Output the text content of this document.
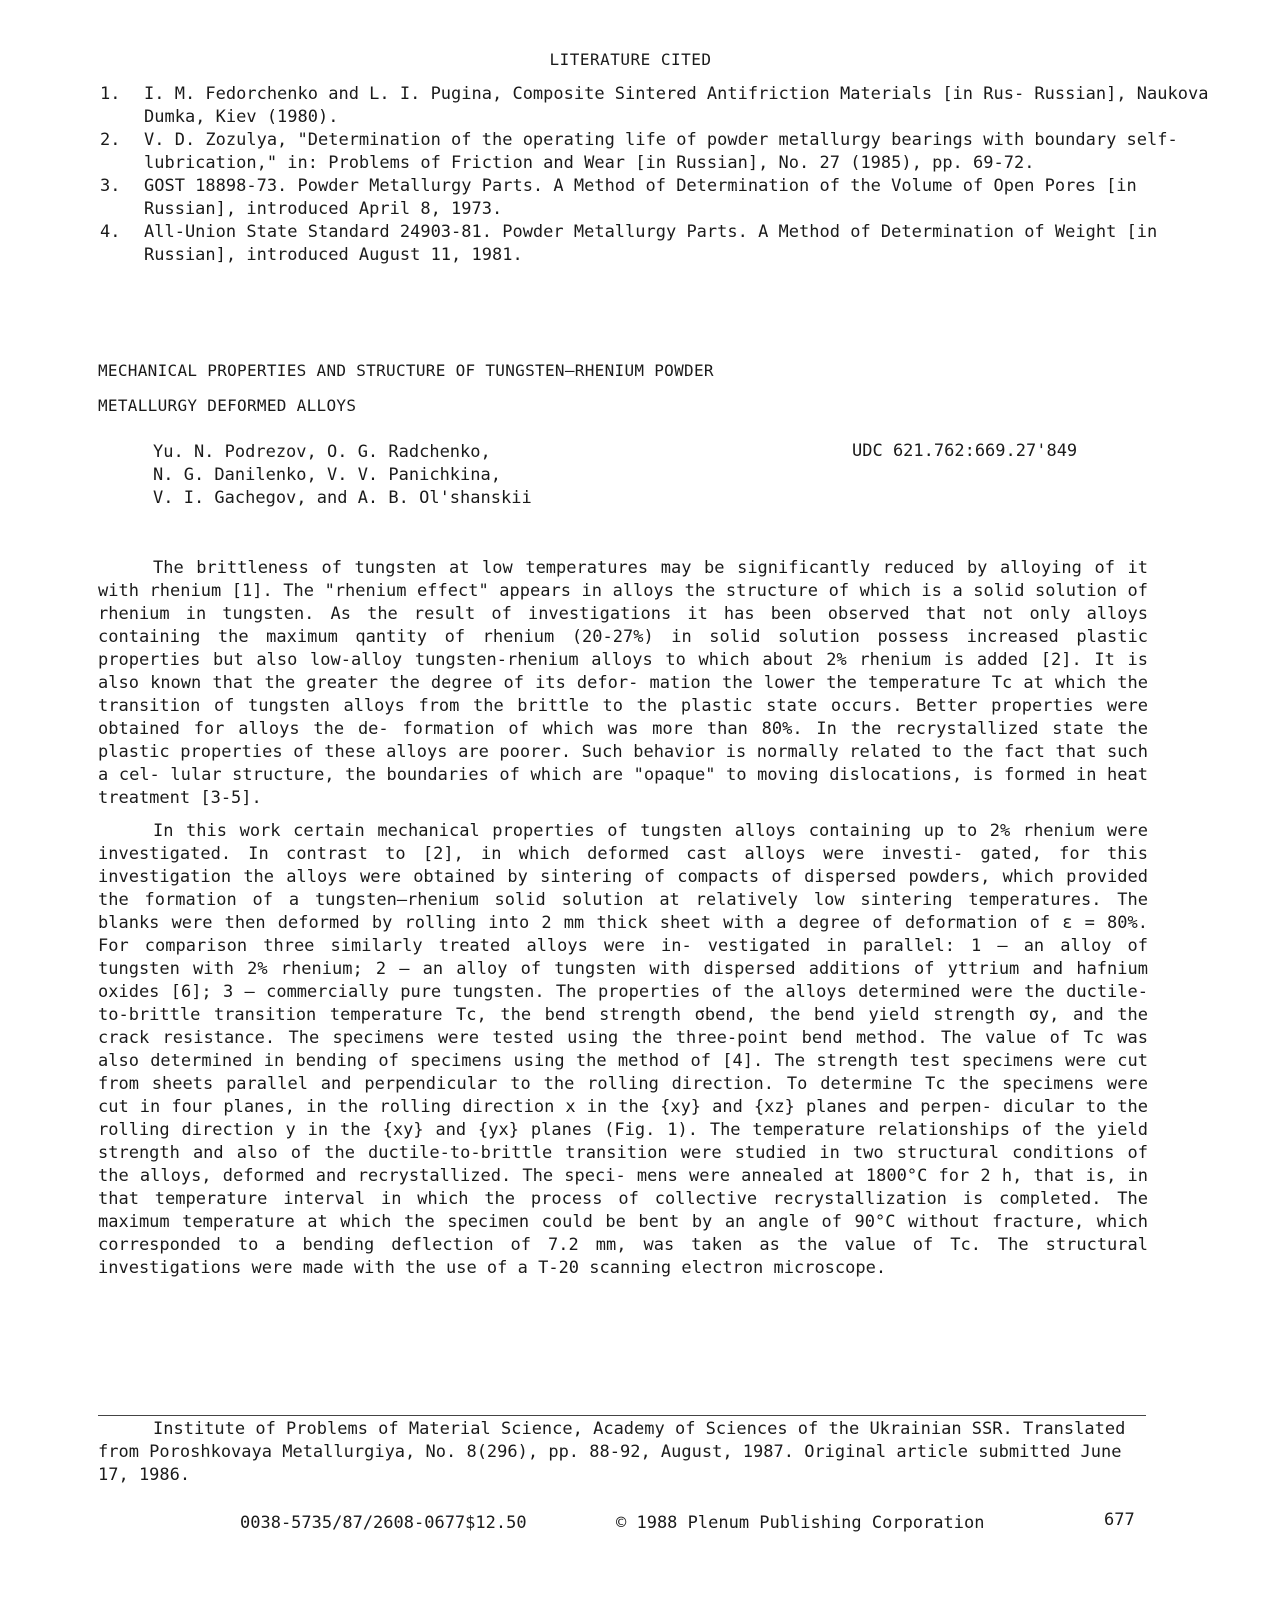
LITERATURE CITED

1.	I. M. Fedorchenko and L. I. Pugina, Composite Sintered Antifriction Materials [in Rus- Russian], Naukova Dumka, Kiev (1980).

2.	V. D. Zozulya, "Determination of the operating life of powder metallurgy bearings with boundary self-lubrication," in: Problems of Friction and Wear [in Russian], No. 27 (1985), pp. 69-72.

3.	GOST 18898-73. Powder Metallurgy Parts. A Method of Determination of the Volume of Open Pores [in Russian], introduced April 8, 1973.

4.	All-Union State Standard 24903-81. Powder Metallurgy Parts. A Method of Determination of Weight [in Russian], introduced August 11, 1981.

MECHANICAL PROPERTIES AND STRUCTURE OF TUNGSTEN—RHENIUM POWDER
METALLURGY DEFORMED ALLOYS
Yu. N. Podrezov, O. G. Radchenko,
N. G. Danilenko, V. V. Panichkina,
V. I. Gachegov, and A. B. Ol'shanskii
UDC 621.762:669.27'849

The brittleness of tungsten at low temperatures may be significantly reduced by alloying of it with rhenium [1]. The "rhenium effect" appears in alloys the structure of which is a solid solution of rhenium in tungsten. As the result of investigations it has been observed that not only alloys containing the maximum qantity of rhenium (20-27%) in solid solution possess increased plastic properties but also low-alloy tungsten-rhenium alloys to which about 2% rhenium is added [2]. It is also known that the greater the degree of its defor- mation the lower the temperature Tc at which the transition of tungsten alloys from the brittle to the plastic state occurs. Better properties were obtained for alloys the de- formation of which was more than 80%. In the recrystallized state the plastic properties of these alloys are poorer. Such behavior is normally related to the fact that such a cel- lular structure, the boundaries of which are "opaque" to moving dislocations, is formed in heat treatment [3-5].

In this work certain mechanical properties of tungsten alloys containing up to 2% rhenium were investigated. In contrast to [2], in which deformed cast alloys were investi- gated, for this investigation the alloys were obtained by sintering of compacts of dispersed powders, which provided the formation of a tungsten—rhenium solid solution at relatively low sintering temperatures. The blanks were then deformed by rolling into 2 mm thick sheet with a degree of deformation of ε = 80%. For comparison three similarly treated alloys were in- vestigated in parallel: 1 — an alloy of tungsten with 2% rhenium; 2 — an alloy of tungsten with dispersed additions of yttrium and hafnium oxides [6]; 3 — commercially pure tungsten. The properties of the alloys determined were the ductile-to-brittle transition temperature Tc, the bend strength σbend, the bend yield strength σy, and the crack resistance. The specimens were tested using the three-point bend method. The value of Tc was also determined in bending of specimens using the method of [4]. The strength test specimens were cut from sheets parallel and perpendicular to the rolling direction. To determine Tc the specimens were cut in four planes, in the rolling direction x in the {xy} and {xz} planes and perpen- dicular to the rolling direction y in the {xy} and {yx} planes (Fig. 1). The temperature relationships of the yield strength and also of the ductile-to-brittle transition were studied in two structural conditions of the alloys, deformed and recrystallized. The speci- mens were annealed at 1800°C for 2 h, that is, in that temperature interval in which the process of collective recrystallization is completed. The maximum temperature at which the specimen could be bent by an angle of 90°C without fracture, which corresponded to a bending deflection of 7.2 mm, was taken as the value of Tc. The structural investigations were made with the use of a T-20 scanning electron microscope.

Institute of Problems of Material Science, Academy of Sciences of the Ukrainian SSR. Translated from Poroshkovaya Metallurgiya, No. 8(296), pp. 88-92, August, 1987. Original article submitted June 17, 1986.
0038-5735/87/2608-0677$12.50	© 1988 Plenum Publishing Corporation	677
